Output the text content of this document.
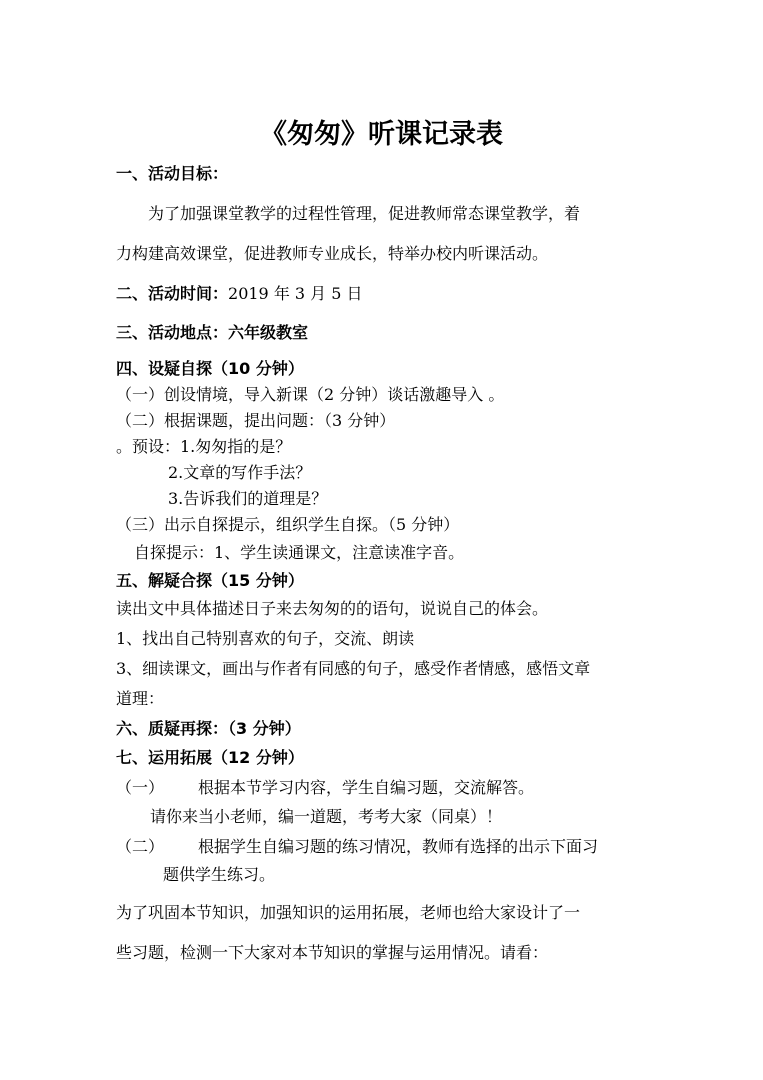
《匆匆》听课记录表
一、活动目标：
为了加强课堂教学的过程性管理，促进教师常态课堂教学，着
力构建高效课堂，促进教师专业成长，特举办校内听课活动。
二、活动时间：2019 年 3 月 5 日
三、活动地点：六年级教室
四、设疑自探（10 分钟）
（一）创设情境，导入新课（2 分钟）谈话激趣导入 。
（二）根据课题，提出问题：（3 分钟）
。预设：1.匆匆指的是？
2.文章的写作手法？
3.告诉我们的道理是？
（三）出示自探提示，组织学生自探。（5 分钟）
自探提示：1、学生读通课文，注意读准字音。
五、解疑合探（15 分钟）
读出文中具体描述日子来去匆匆的的语句，说说自己的体会。
1、找出自己特别喜欢的句子，交流、朗读
3、细读课文，画出与作者有同感的句子，感受作者情感，感悟文章
道理：
六、质疑再探：（3 分钟）
七、运用拓展（12 分钟）
（一） 根据本节学习内容，学生自编习题，交流解答。
请你来当小老师，编一道题，考考大家（同桌）！
（二） 根据学生自编习题的练习情况，教师有选择的出示下面习
题供学生练习。
为了巩固本节知识，加强知识的运用拓展，老师也给大家设计了一
些习题，检测一下大家对本节知识的掌握与运用情况。请看：
